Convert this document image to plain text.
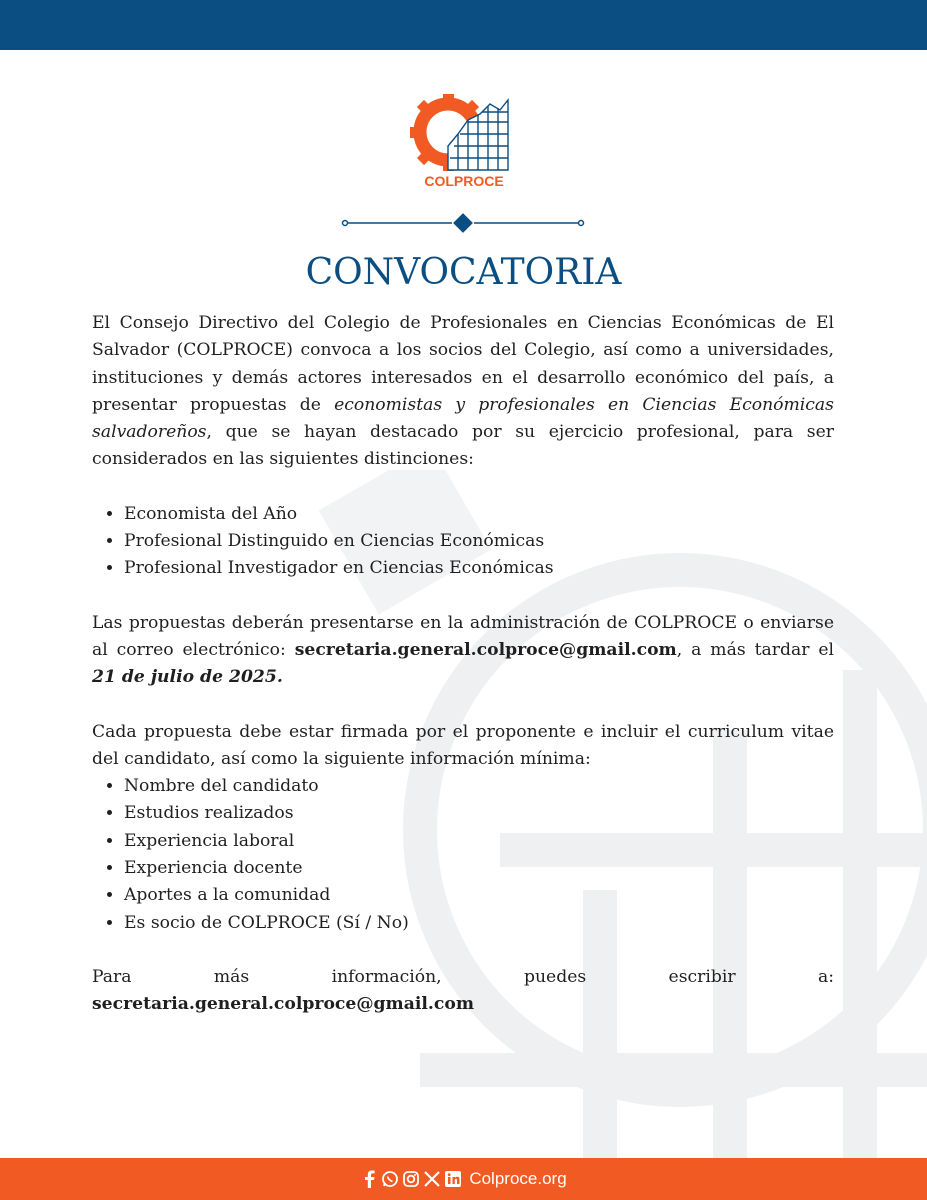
COLPROCE
CONVOCATORIA

El Consejo Directivo del Colegio de Profesionales en Ciencias Económicas de El Salvador (COLPROCE) convoca a los socios del Colegio, así como a universidades, instituciones y demás actores interesados en el desarrollo económico del país, a presentar propuestas de economistas y profesionales en Ciencias Económicas salvadoreños, que se hayan destacado por su ejercicio profesional, para ser considerados en las siguientes distinciones:

• Economista del Año
• Profesional Distinguido en Ciencias Económicas
• Profesional Investigador en Ciencias Económicas

Las propuestas deberán presentarse en la administración de COLPROCE o enviarse al correo electrónico: secretaria.general.colproce@gmail.com, a más tardar el 21 de julio de 2025.

Cada propuesta debe estar firmada por el proponente e incluir el curriculum vitae del candidato, así como la siguiente información mínima:

• Nombre del candidato
• Estudios realizados
• Experiencia laboral
• Experiencia docente
• Aportes a la comunidad
• Es socio de COLPROCE (Sí / No)

Para más información, puedes escribir a: secretaria.general.colproce@gmail.com

Colproce.org
